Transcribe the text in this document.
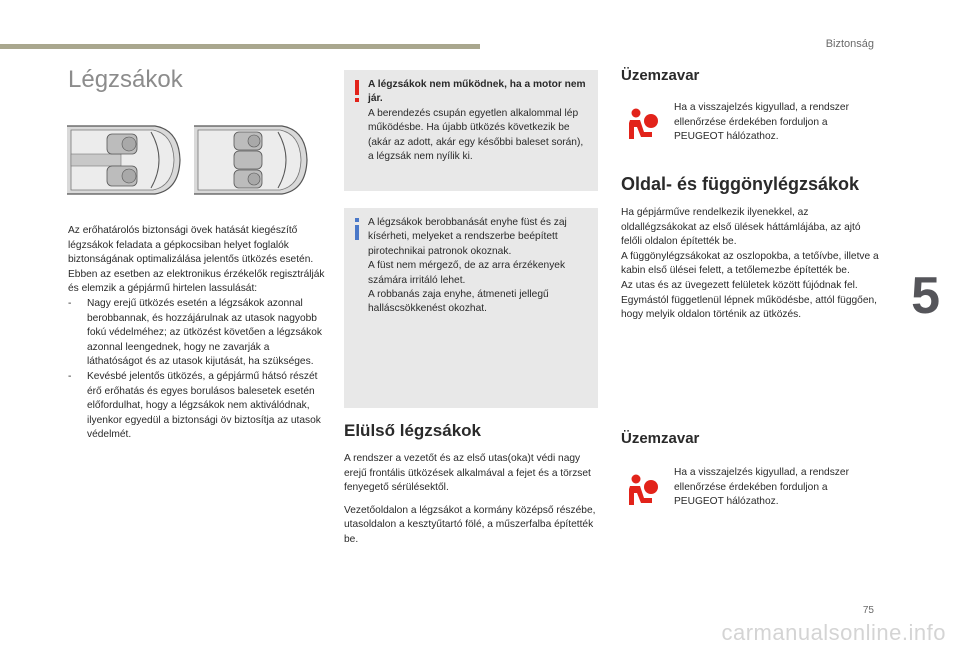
Biztonság
Légzsákok

Az erőhatárolós biztonsági övek hatását kiegészítő légzsákok feladata a gépkocsiban helyet foglalók biztonságának optimalizálása jelentős ütközés esetén.

Ebben az esetben az elektronikus érzékelők regisztrálják és elemzik a gépjármű hirtelen lassulását:

- Nagy erejű ütközés esetén a légzsákok azonnal berobbannak, és hozzájárulnak az utasok nagyobb fokú védelméhez; az ütközést követően a légzsákok azonnal leengednek, hogy ne zavarják a láthatóságot és az utasok kijutását, ha szükséges.
- Kevésbé jelentős ütközés, a gépjármű hátsó részét érő erőhatás és egyes borulásos balesetek esetén előfordulhat, hogy a légzsákok nem aktiválódnak, ilyenkor egyedül a biztonsági öv biztosítja az utasok védelmét.

A légzsákok nem működnek, ha a motor nem jár.

A berendezés csupán egyetlen alkalommal lép működésbe. Ha újabb ütközés következik be (akár az adott, akár egy későbbi baleset során), a légzsák nem nyílik ki.

A légzsákok berobbanását enyhe füst és zaj kísérheti, melyeket a rendszerbe beépített pirotechnikai patronok okoznak.

A füst nem mérgező, de az arra érzékenyek számára irritáló lehet.

A robbanás zaja enyhe, átmeneti jellegű halláscsökkenést okozhat.

Elülső légzsákok

A rendszer a vezetőt és az első utas(oka)t védi nagy erejű frontális ütközések alkalmával a fejet és a törzset fenyegető sérülésektől.

Vezetőoldalon a légzsákot a kormány középső részébe, utasoldalon a kesztyűtartó fölé, a műszerfalba építették be.

Üzemzavar
Ha a visszajelzés kigyullad, a rendszer ellenőrzése érdekében forduljon a PEUGEOT hálózathoz.
Oldal- és függönylégzsákok

Ha gépjárműve rendelkezik ilyenekkel, az oldallégzsákokat az első ülések háttámlájába, az ajtó felőli oldalon építették be.

A függönylégzsákokat az oszlopokba, a tetőívbe, illetve a kabin első ülései felett, a tetőlemezbe építették be.

Az utas és az üvegezett felületek között fújódnak fel. Egymástól függetlenül lépnek működésbe, attól függően, hogy melyik oldalon történik az ütközés.

Üzemzavar
Ha a visszajelzés kigyullad, a rendszer ellenőrzése érdekében forduljon a PEUGEOT hálózathoz.
5
75
carmanualsonline.info
